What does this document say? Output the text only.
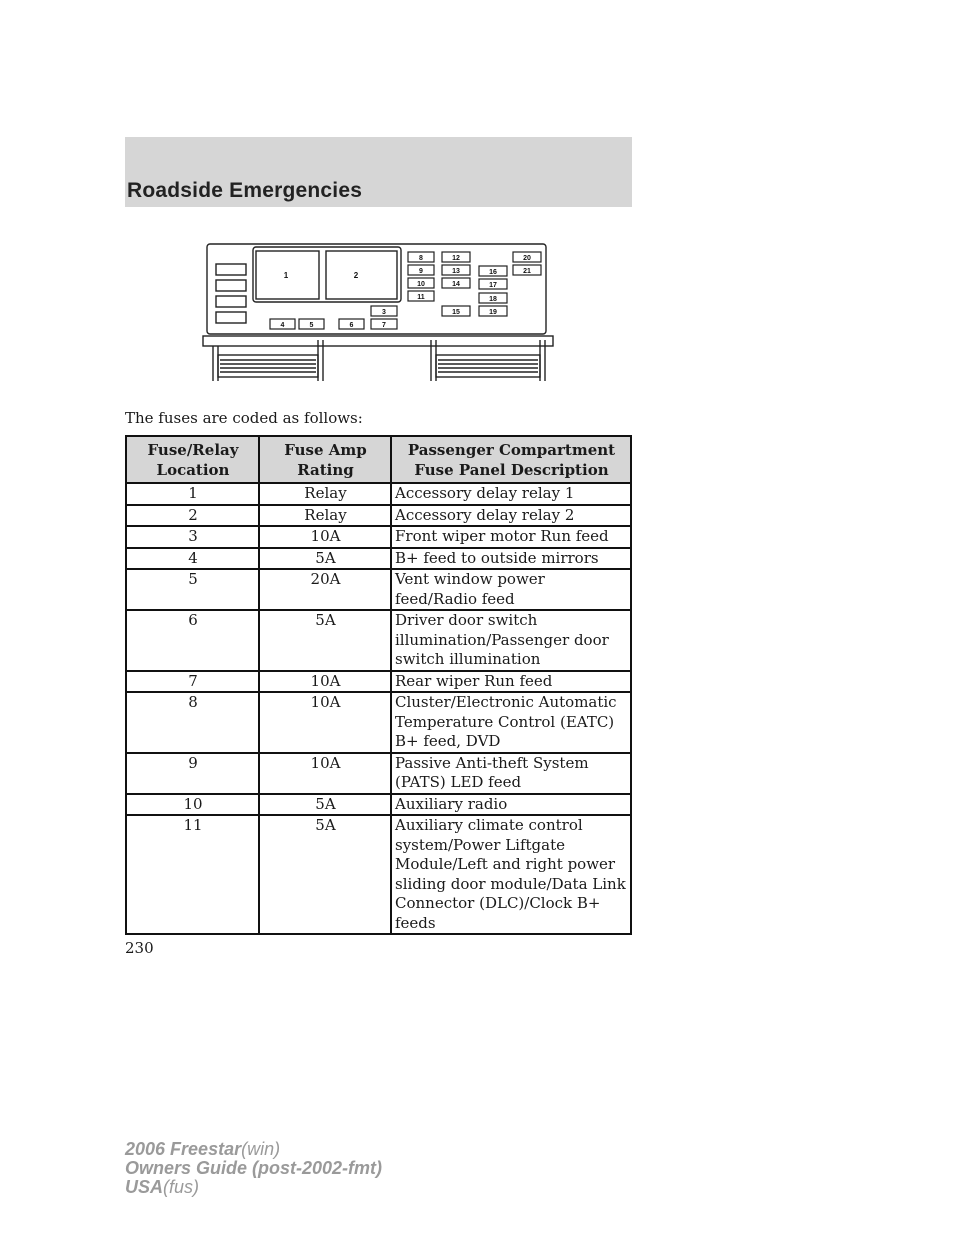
Roadside Emergencies
1	2
4	5	6
3
7
8
9
10
11
12
13
14
15
16
17
18
19
20
21
The fuses are coded as follows:
Fuse/Relay Location	Fuse Amp Rating	Passenger Compartment Fuse Panel Description
1	Relay	Accessory delay relay 1
2	Relay	Accessory delay relay 2
3	10A	Front wiper motor Run feed
4	5A	B+ feed to outside mirrors
5	20A	Vent window power feed/Radio feed
6	5A	Driver door switch illumination/Passenger door switch illumination
7	10A	Rear wiper Run feed
8	10A	Cluster/Electronic Automatic Temperature Control (EATC) B+ feed, DVD
9	10A	Passive Anti-theft System (PATS) LED feed
10	5A	Auxiliary radio
11	5A	Auxiliary climate control system/Power Liftgate Module/Left and right power sliding door module/Data Link Connector (DLC)/Clock B+ feeds
230
2006 Freestar(win)
Owners Guide (post-2002-fmt)
USA(fus)
